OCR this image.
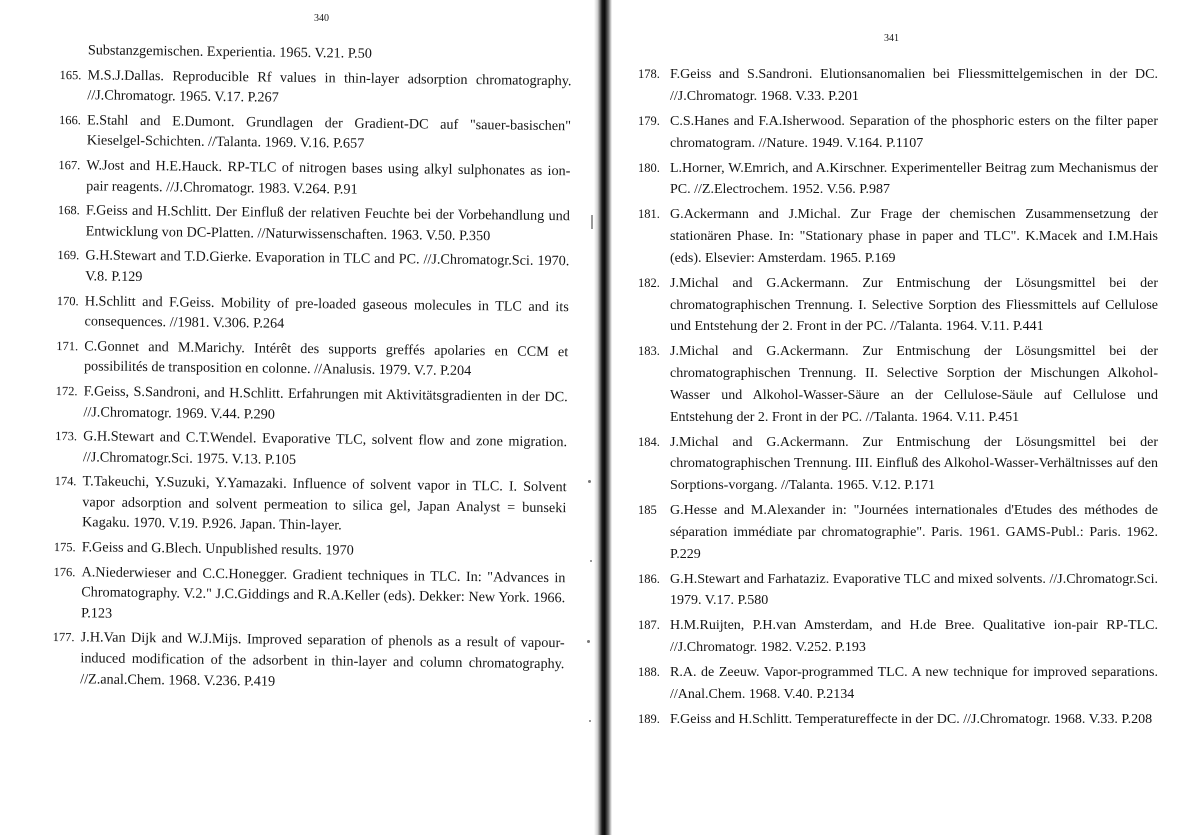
340
Substanzgemischen. Experientia. 1965. V.21. P.50
165. M.S.J.Dallas. Reproducible Rf values in thin-layer adsorption chromatography. //J.Chromatogr. 1965. V.17. P.267
166. E.Stahl and E.Dumont. Grundlagen der Gradient-DC auf "sauer-basischen" Kieselgel-Schichten. //Talanta. 1969. V.16. P.657
167. W.Jost and H.E.Hauck. RP-TLC of nitrogen bases using alkyl sulphonates as ion-pair reagents. //J.Chromatogr. 1983. V.264. P.91
168. F.Geiss and H.Schlitt. Der Einfluß der relativen Feuchte bei der Vorbehandlung und Entwicklung von DC-Platten. //Naturwissenschaften. 1963. V.50. P.350
169. G.H.Stewart and T.D.Gierke. Evaporation in TLC and PC. //J.Chromatogr.Sci. 1970. V.8. P.129
170. H.Schlitt and F.Geiss. Mobility of pre-loaded gaseous molecules in TLC and its consequences. //1981. V.306. P.264
171. C.Gonnet and M.Marichy. Intérêt des supports greffés apolaries en CCM et possibilités de transposition en colonne. //Analusis. 1979. V.7. P.204
172. F.Geiss, S.Sandroni, and H.Schlitt. Erfahrungen mit Aktivitätsgradienten in der DC. //J.Chromatogr. 1969. V.44. P.290
173. G.H.Stewart and C.T.Wendel. Evaporative TLC, solvent flow and zone migration. //J.Chromatogr.Sci. 1975. V.13. P.105
174. T.Takeuchi, Y.Suzuki, Y.Yamazaki. Influence of solvent vapor in TLC. I. Solvent vapor adsorption and solvent permeation to silica gel, Japan Analyst = bunseki Kagaku. 1970. V.19. P.926. Japan. Thin-layer.
175. F.Geiss and G.Blech. Unpublished results. 1970
176. A.Niederwieser and C.C.Honegger. Gradient techniques in TLC. In: "Advances in Chromatography. V.2." J.C.Giddings and R.A.Keller (eds). Dekker: New York. 1966. P.123
177. J.H.Van Dijk and W.J.Mijs. Improved separation of phenols as a result of vapour-induced modification of the adsorbent in thin-layer and column chromatography. //Z.anal.Chem. 1968. V.236. P.419
341
178. F.Geiss and S.Sandroni. Elutionsanomalien bei Fliessmittelgemischen in der DC. //J.Chromatogr. 1968. V.33. P.201
179. C.S.Hanes and F.A.Isherwood. Separation of the phosphoric esters on the filter paper chromatogram. //Nature. 1949. V.164. P.1107
180. L.Horner, W.Emrich, and A.Kirschner. Experimenteller Beitrag zum Mechanismus der PC. //Z.Electrochem. 1952. V.56. P.987
181. G.Ackermann and J.Michal. Zur Frage der chemischen Zusammensetzung der stationären Phase. In: "Stationary phase in paper and TLC". K.Macek and I.M.Hais (eds). Elsevier: Amsterdam. 1965. P.169
182. J.Michal and G.Ackermann. Zur Entmischung der Lösungsmittel bei der chromatographischen Trennung. I. Selective Sorption des Fliessmittels auf Cellulose und Entstehung der 2. Front in der PC. //Talanta. 1964. V.11. P.441
183. J.Michal and G.Ackermann. Zur Entmischung der Lösungsmittel bei der chromatographischen Trennung. II. Selective Sorption der Mischungen Alkohol-Wasser und Alkohol-Wasser-Säure an der Cellulose-Säule auf Cellulose und Entstehung der 2. Front in der PC. //Talanta. 1964. V.11. P.451
184. J.Michal and G.Ackermann. Zur Entmischung der Lösungsmittel bei der chromatographischen Trennung. III. Einfluß des Alkohol-Wasser-Verhältnisses auf den Sorptions-vorgang. //Talanta. 1965. V.12. P.171
185 G.Hesse and M.Alexander in: "Journées internationales d'Etudes des méthodes de séparation immédiate par chromatographie". Paris. 1961. GAMS-Publ.: Paris. 1962. P.229
186. G.H.Stewart and Farhataziz. Evaporative TLC and mixed solvents. //J.Chromatogr.Sci. 1979. V.17. P.580
187. H.M.Ruijten, P.H.van Amsterdam, and H.de Bree. Qualitative ion-pair RP-TLC. //J.Chromatogr. 1982. V.252. P.193
188. R.A. de Zeeuw. Vapor-programmed TLC. A new technique for improved separations. //Anal.Chem. 1968. V.40. P.2134
189. F.Geiss and H.Schlitt. Temperatureffecte in der DC. //J.Chromatogr. 1968. V.33. P.208
